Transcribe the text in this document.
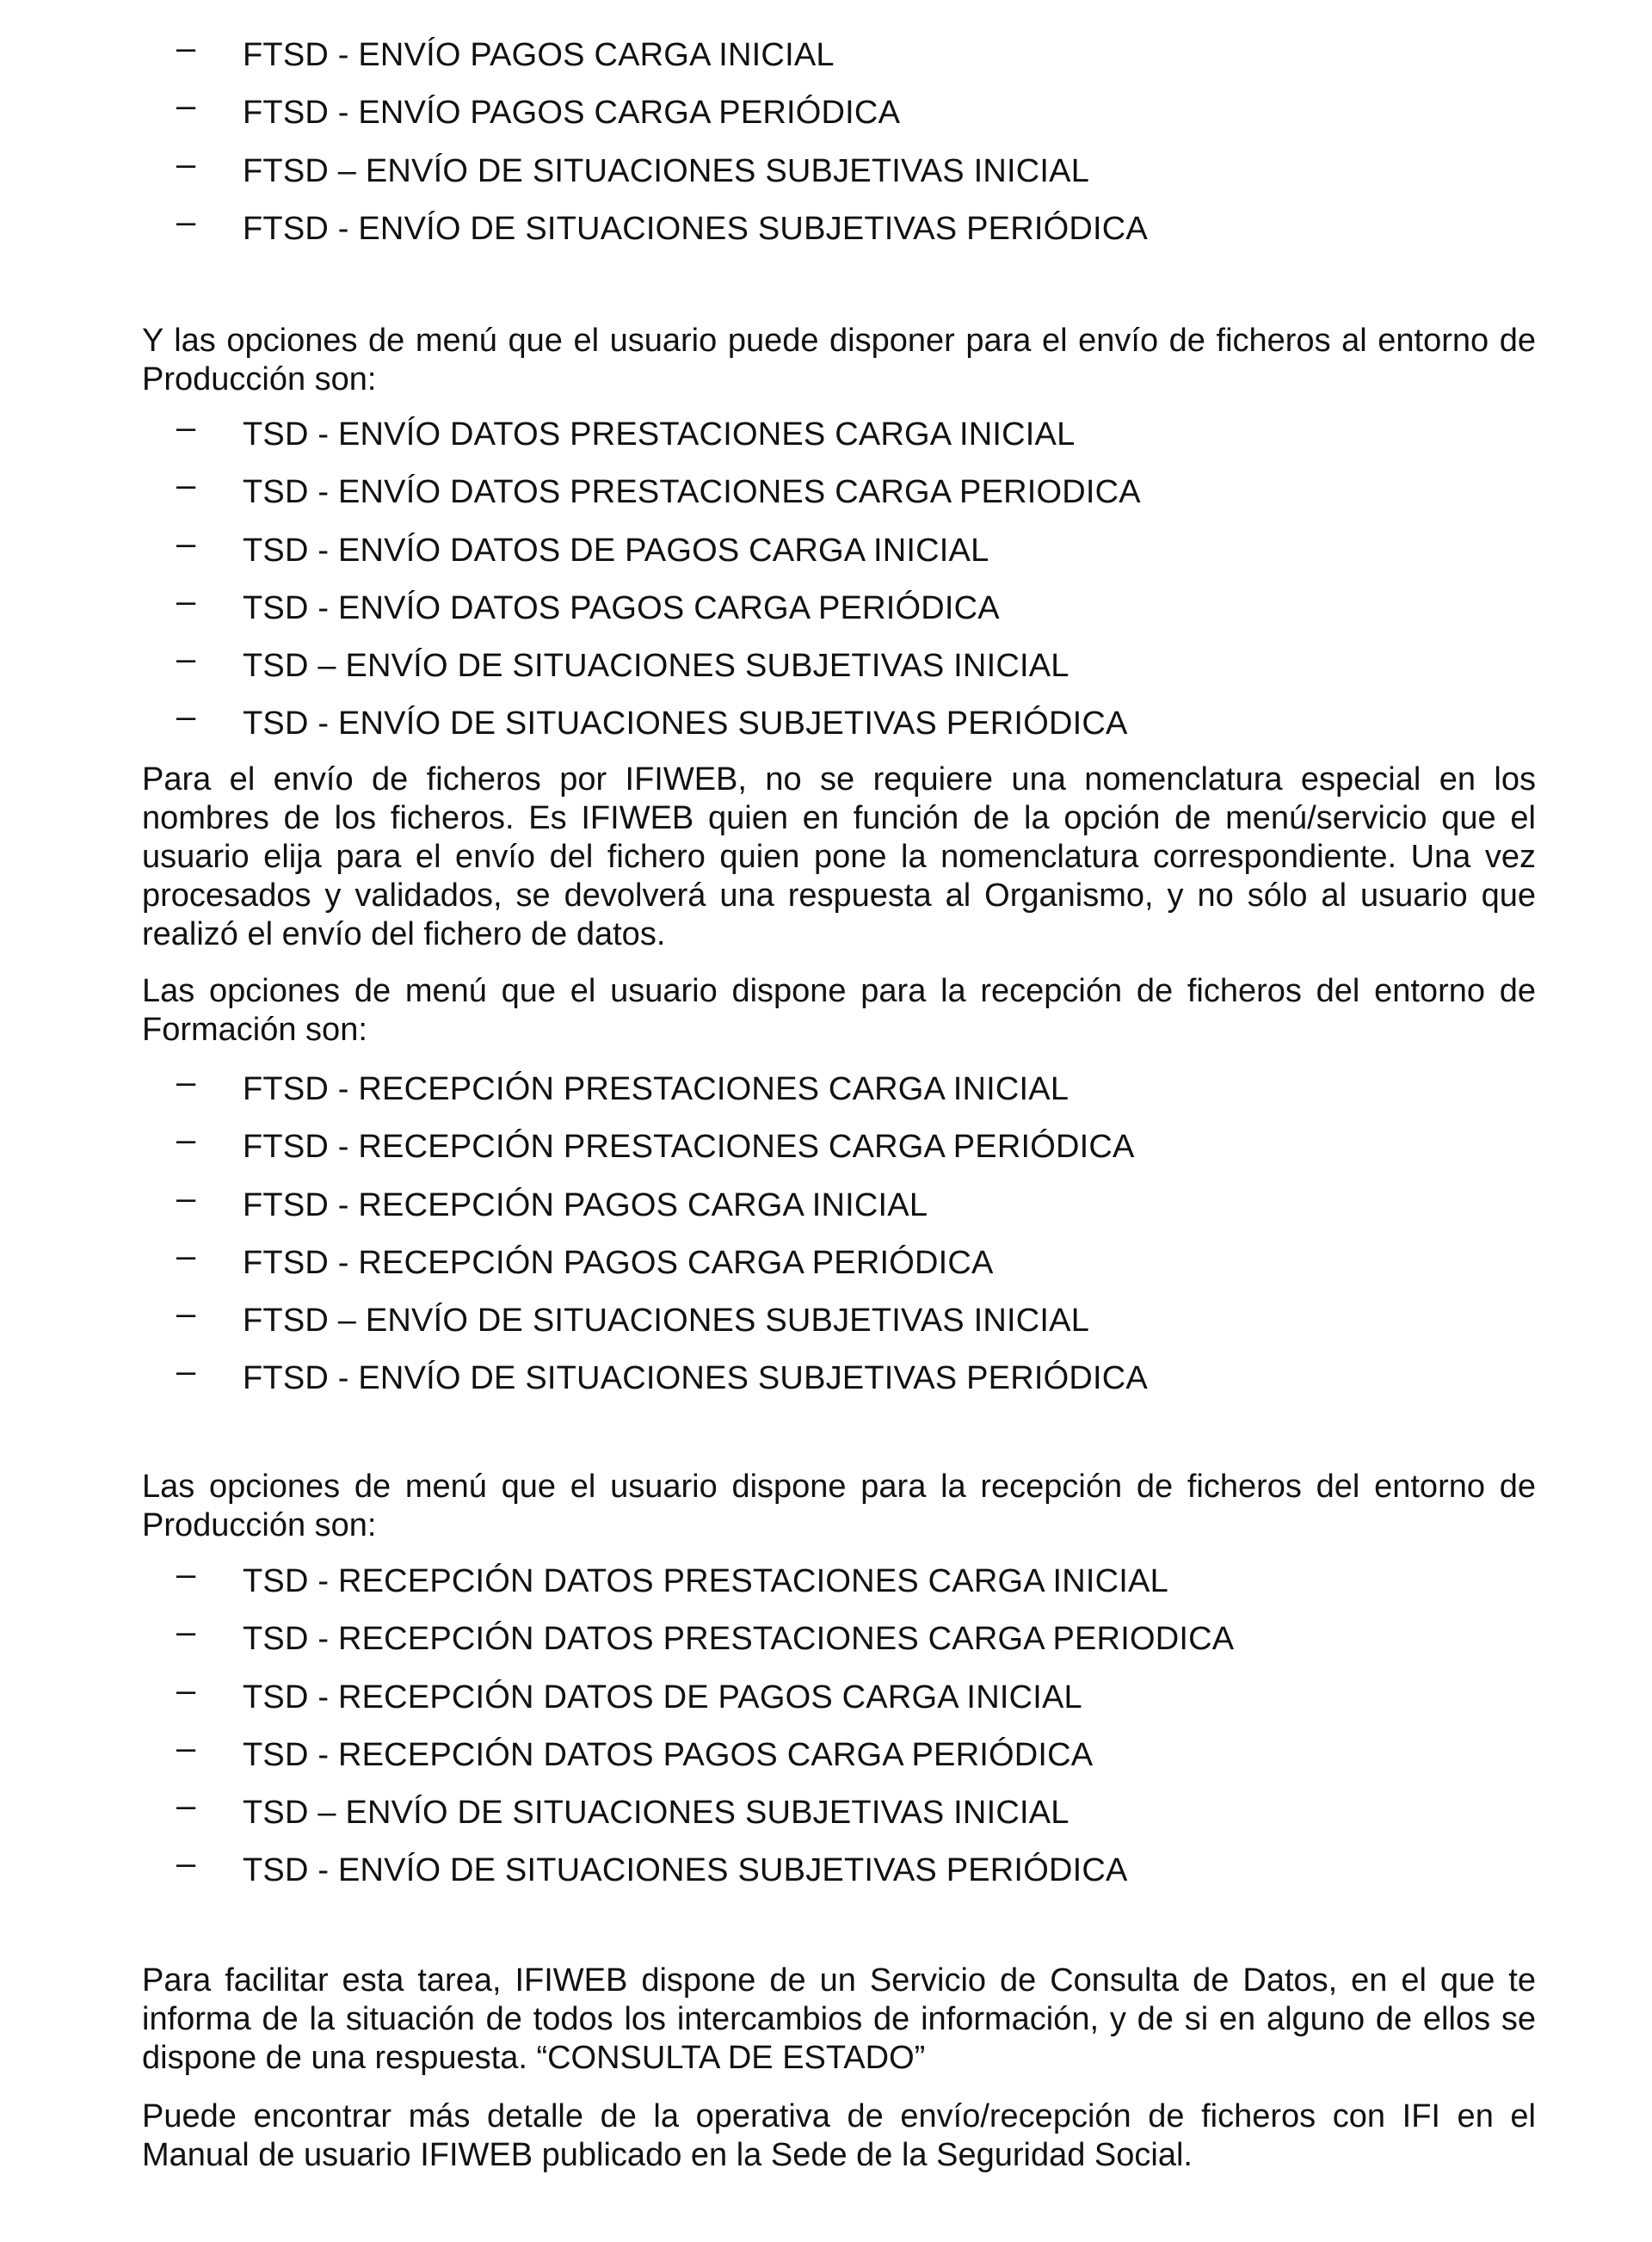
– FTSD - ENVÍO PAGOS CARGA INICIAL
– FTSD - ENVÍO PAGOS CARGA PERIÓDICA
– FTSD – ENVÍO DE SITUACIONES SUBJETIVAS INICIAL
– FTSD - ENVÍO DE SITUACIONES SUBJETIVAS PERIÓDICA

Y las opciones de menú que el usuario puede disponer para el envío de ficheros al entorno de Producción son:

– TSD - ENVÍO DATOS PRESTACIONES CARGA INICIAL
– TSD - ENVÍO DATOS PRESTACIONES CARGA PERIODICA
– TSD - ENVÍO DATOS DE PAGOS CARGA INICIAL
– TSD - ENVÍO DATOS PAGOS CARGA PERIÓDICA
– TSD – ENVÍO DE SITUACIONES SUBJETIVAS INICIAL
– TSD - ENVÍO DE SITUACIONES SUBJETIVAS PERIÓDICA

Para el envío de ficheros por IFIWEB, no se requiere una nomenclatura especial en los nombres de los ficheros. Es IFIWEB quien en función de la opción de menú/servicio que el usuario elija para el envío del fichero quien pone la nomenclatura correspondiente. Una vez procesados y validados, se devolverá una respuesta al Organismo, y no sólo al usuario que realizó el envío del fichero de datos.

Las opciones de menú que el usuario dispone para la recepción de ficheros del entorno de Formación son:

– FTSD - RECEPCIÓN PRESTACIONES CARGA INICIAL
– FTSD - RECEPCIÓN PRESTACIONES CARGA PERIÓDICA
– FTSD - RECEPCIÓN PAGOS CARGA INICIAL
– FTSD - RECEPCIÓN PAGOS CARGA PERIÓDICA
– FTSD – ENVÍO DE SITUACIONES SUBJETIVAS INICIAL
– FTSD - ENVÍO DE SITUACIONES SUBJETIVAS PERIÓDICA

Las opciones de menú que el usuario dispone para la recepción de ficheros del entorno de Producción son:

– TSD - RECEPCIÓN DATOS PRESTACIONES CARGA INICIAL
– TSD - RECEPCIÓN DATOS PRESTACIONES CARGA PERIODICA
– TSD - RECEPCIÓN DATOS DE PAGOS CARGA INICIAL
– TSD - RECEPCIÓN DATOS PAGOS CARGA PERIÓDICA
– TSD – ENVÍO DE SITUACIONES SUBJETIVAS INICIAL
– TSD - ENVÍO DE SITUACIONES SUBJETIVAS PERIÓDICA

Para facilitar esta tarea, IFIWEB dispone de un Servicio de Consulta de Datos, en el que te informa de la situación de todos los intercambios de información, y de si en alguno de ellos se dispone de una respuesta. “CONSULTA DE ESTADO”

Puede encontrar más detalle de la operativa de envío/recepción de ficheros con IFI en el Manual de usuario IFIWEB publicado en la Sede de la Seguridad Social.
